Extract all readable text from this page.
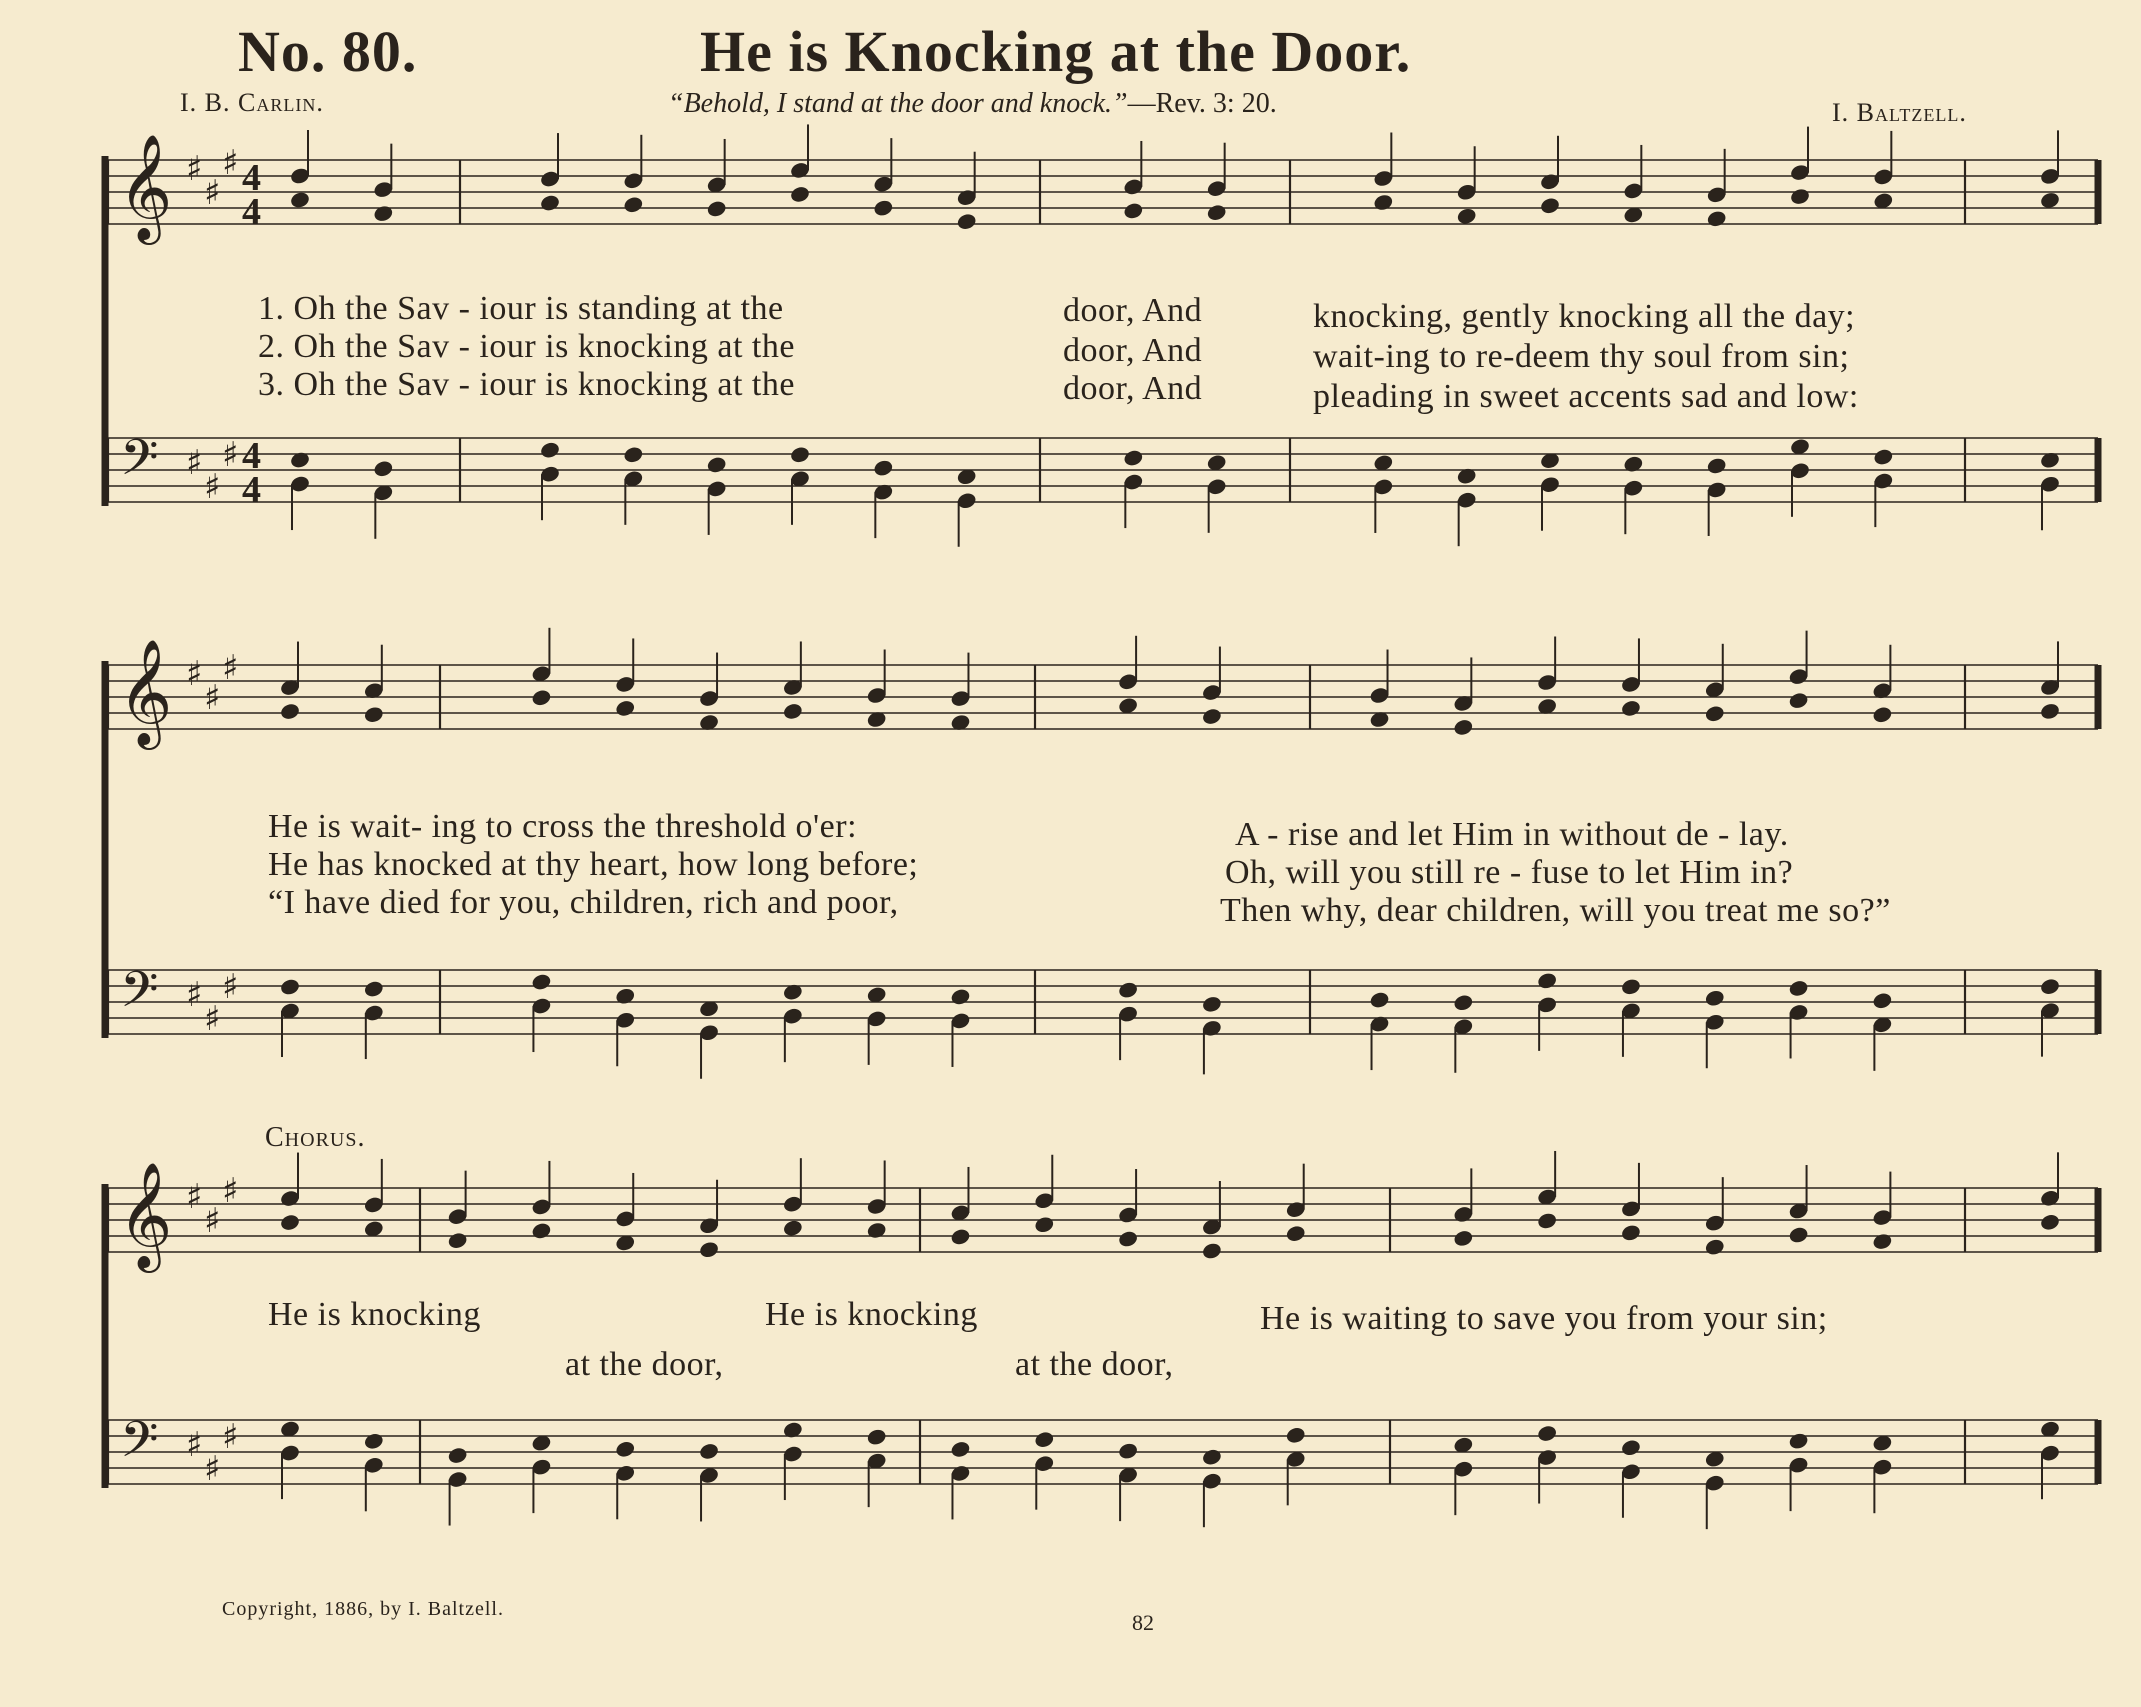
No. 80.	He is Knocking at the Door.
I. B. Carlin.	“Behold, I stand at the door and knock.”—Rev. 3: 20.	I. Baltzell.
𝄞 ♯
♯
♯ 4
4
𝄢 ♯
♯
♯ 4
4
𝄞 ♯
♯
♯
𝄢 ♯
♯
♯
𝄞 ♯
♯
♯
𝄢 ♯
♯
♯
1. Oh the Sav - iour is standing at the	door, And	knocking, gently knocking all the day;
2. Oh the Sav - iour is knocking at the	door, And	wait-ing to re-deem thy soul from sin;
3. Oh the Sav - iour is knocking at the	door, And	pleading in sweet accents sad and low:
He is wait- ing to cross the threshold o'er:	A - rise and let Him in without de - lay.
He has knocked at thy heart, how long before;	Oh, will you still re - fuse to let Him in?
“I have died for you, children, rich and poor,	Then why, dear children, will you treat me so?”
Chorus.
He is knocking	He is knocking	He is waiting to save you from your sin;
at the door,	at the door,
Copyright, 1886, by I. Baltzell.
82
